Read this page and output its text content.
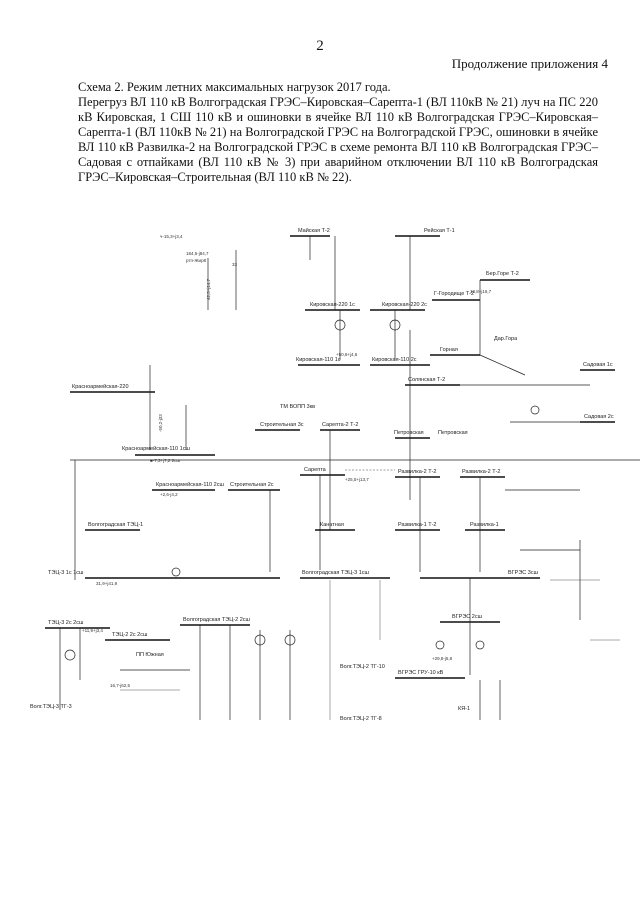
2
Продолжение приложения 4

Схема 2. Режим летних максимальных нагрузок 2017 года.

Перегруз ВЛ 110 кВ Волгоградская ГРЭС–Кировская–Сарепта-1 (ВЛ 110кВ № 21) луч на ПС 220 кВ Кировская, 1 СШ 110 кВ и ошиновки в ячейке ВЛ 110 кВ Волгоградская ГРЭС–Кировская–Сарепта-1 (ВЛ 110кВ № 21) на Волгоградской ГРЭС на Волгоградской ГРЭС, ошиновки в ячейке ВЛ 110 кВ Развилка-2 на Волгоградской ГРЭС в схеме ремонта ВЛ 110 кВ Волгоградская ГРЭС–Садовая с отпайками (ВЛ 110 кВ № 3) при аварийном отключении ВЛ 110 кВ Волгоградская ГРЭС–Кировская–Строительная (ВЛ 110 кВ № 22).

Майская Т-2	Рейская Т-1
ч-15,3+j3,4
184,5-j84,7
ртп-Жир8
42,5+j14,7
33
Кировская-220 1с	Кировская-220 2с
Кировская-110 1с	Кировская-110 2с
+50,6+j4,6
Г-Городище Т-2
Бер.Горе Т-2
18,8+j16,7
Горная
Дар.Гора
Садовая 1с
Красноармейская-220
-50,2-j33
Солянская Т-2
Садовая 2с
ТМ ВОПП 3кв
Строительная 3с	Сарепта-2 Т-2
Петровская	Петровская
Красноармейская-110 1сш
■-7,3+j7,2 2сш
Сарепта
+25,5+j13,7
Развилка-2 Т-2	Развилка-2 Т-2
Развилка-1 Т-2	Развилка-1
Красноармейская-110 2сш
+2,6-j4,2
Строительная 2с
Канатная
Волгоградская ТЭЦ-1
ТЭЦ-3 1с 1сш	Волгоградская ТЭЦ-3 1сш	ВГРЭС 3сш
31,9+j41,9
ТЭЦ-3 2с 2сш
+11,9+j3,4
Волгоградская ТЭЦ-2 2сш
ТЭЦ-2 2с 2сш
ПП Южная
ВГРЭС 2сш
ВГРЭС ГРУ-10 кВ
+29,8-j5,8
Волг.ТЭЦ-3 ТГ-3
Волг.ТЭЦ-2 ТГ-8
Волг.ТЭЦ-2 ТГ-10
КЯ-1
16,7-j62,5
